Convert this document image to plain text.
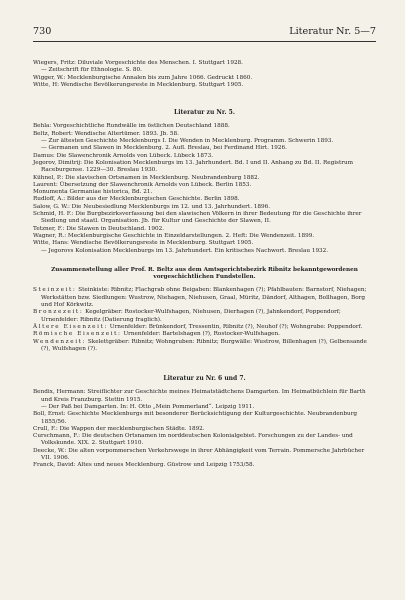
730	Literatur Nr. 5—7
Wiegers, Fritz: Diluviale Vorgeschichte des Menschen. I. Stuttgart 1928.
— Zeitschrift für Ethnologie. S. 80.
Wigger, W.: Mecklenburgische Annalen bis zum Jahre 1066. Gedruckt 1860.
Witte, H: Wendische Bevölkerungsreste in Mecklenburg. Stuttgart 1905.
Literatur zu Nr. 5.
Behla: Vorgeschichtliche Rundwälle im östlichen Deutschland 1888.
Beltz, Robert: Wendische Altertümer. 1893. Jb. 58.
— Zur ältesten Geschichte Mecklenburgs I. Die Wenden in Mecklenburg. Programm. Schwerin 1893.
— Germanen und Slawen in Mecklenburg. 2. Aufl. Breslau, bei Ferdinand Hirt. 1926.
Damus: Die Slawenchronik Arnolds von Lübeck. Lübeck 1873.
Jegorov, Dimitrij: Die Kolonisation Mecklenburgs im 13. Jahrhundert. Bd. I und II. Anhang zu Bd. II. Registrum Raceburgense. 1229—30. Breslau 1930.
Kühnel, P.: Die slavischen Ortsnamen in Mecklenburg. Neubrandenburg 1882.
Laurent: Übersetzung der Slawenchronik Arnolds von Lübeck. Berlin 1853.
Monumenta Germaniae historica, Bd. 21.
Rudloff, A.: Bilder aus der Mecklenburgischen Geschichte. Berlin 1898.
Salow, G. W.: Die Neubesiedlung Mecklenburgs im 12. und 13. Jahrhundert. 1896.
Schmid, H. F.: Die Burgbezirksverfassung bei den slawischen Völkern in ihrer Bedeutung für die Geschichte ihrer Siedlung und staatl. Organisation. Jb. für Kultur und Geschichte der Slawen, II.
Tetzner, F.: Die Slawen in Deutschland. 1902.
Wagner, R.: Mecklenburgische Geschichte in Einzeldarstellungen. 2. Heft: Die Wendenzeit. 1899.
Witte, Hans: Wendische Bevölkerungsreste in Mecklenburg. Stuttgart 1905.
— Jegorovs Kolonisation Mecklenburgs im 13. Jahrhundert. Ein kritisches Nachwort. Breslau 1932.
Zusammenstellung aller Prof. R. Beltz aus dem Amtsgerichtsbezirk Ribnitz bekanntgewordenen vorgeschichtlichen Fundstellen.
Steinzeit: Steinkiste: Ribnitz; Flachgrab ohne Beigaben: Blankenhagen (?); Pfahlbauten: Barnstorf, Niehagen; Werkstätten bzw. Siedlungen: Wustrow, Niehagen, Niehusen, Graal, Müritz, Dändorf, Althagen, Bollhagen, Borg und Hof Körkwitz.
Bronzezeit: Kegelgräber: Rostocker-Wulfshagen, Niehusen, Dierhagen (?), Jahnkendorf, Poppendorf; Urnenfelder: Ribnitz (Datierung fraglich).
Ältere Eisenzeit: Urnenfelder: Brünkendorf, Tressentin, Ribnitz (?), Neuhof (?); Wohngrube: Poppendorf.
Römische Eisenzeit: Urnenfelder: Bartelshagen (?), Rostocker-Wulfshagen.
Wendenzeit: Skelettgräber: Ribnitz; Wohngruben: Ribnitz; Burgwälle: Wustrow, Billenhagen (?), Gelbensande (?), Wulfshagen (?).
Literatur zu Nr. 6 und 7.
Bendix, Hermann: Streiflichter zur Geschichte meines Heimatstädtchens Damgarten. Im Heimatbüchlein für Barth und Kreis Franzburg. Stettin 1915.
— Der Paß bei Damgarten. In: H. Otto „Mein Pommerland“. Leipzig 1911.
Boll, Ernst: Geschichte Mecklenburgs mit besonderer Berücksichtigung der Kulturgeschichte. Neubrandenburg 1855/56.
Crull, F.: Die Wappen der mecklenburgischen Städte. 1892.
Curschmann, F.: Die deutschen Ortsnamen im norddeutschen Kolonialgebiet. Forschungen zu der Landes- und Volkskunde. XIX. 2. Stuttgart 1910.
Deecke, W.: Die alten vorpommerschen Verkehrswege in ihrer Abhängigkeit vom Terrain. Pommersche Jahrbücher VII. 1906.
Franck, David: Altes und neues Mecklenburg. Güstrow und Leipzig 1753/58.
